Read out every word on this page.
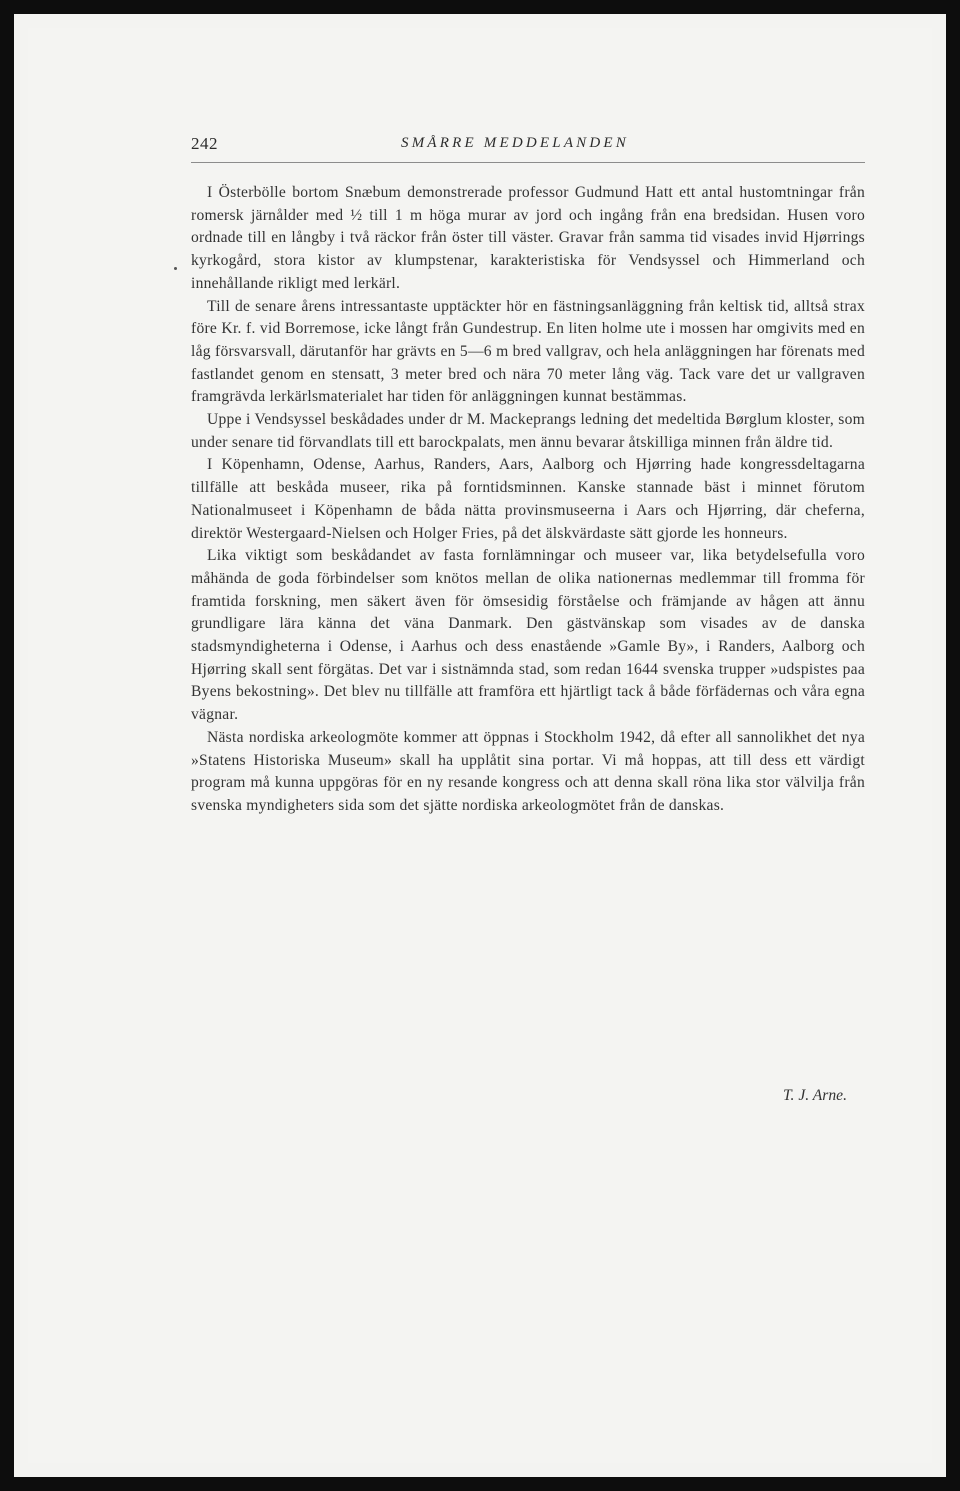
242	SMÅRRE MEDDELANDEN

I Österbölle bortom Snæbum demonstrerade professor Gudmund Hatt ett antal hustomtningar från romersk järnålder med ½ till 1 m höga murar av jord och ingång från ena bredsidan. Husen voro ordnade till en långby i två räckor från öster till väster. Gravar från samma tid visades invid Hjørrings kyrkogård, stora kistor av klumpstenar, karakteristiska för Vendsyssel och Himmerland och innehållande rikligt med lerkärl.

Till de senare årens intressantaste upptäckter hör en fästningsanläggning från keltisk tid, alltså strax före Kr. f. vid Borremose, icke långt från Gundestrup. En liten holme ute i mossen har omgivits med en låg försvarsvall, därutanför har grävts en 5—6 m bred vallgrav, och hela anläggningen har förenats med fastlandet genom en stensatt, 3 meter bred och nära 70 meter lång väg. Tack vare det ur vallgraven framgrävda lerkärlsmaterialet har tiden för anläggningen kunnat bestämmas.

Uppe i Vendsyssel beskådades under dr M. Mackeprangs ledning det medeltida Børglum kloster, som under senare tid förvandlats till ett barockpalats, men ännu bevarar åtskilliga minnen från äldre tid.

I Köpenhamn, Odense, Aarhus, Randers, Aars, Aalborg och Hjørring hade kongressdeltagarna tillfälle att beskåda museer, rika på forntidsminnen. Kanske stannade bäst i minnet förutom Nationalmuseet i Köpenhamn de båda nätta provinsmuseerna i Aars och Hjørring, där cheferna, direktör Westergaard-Nielsen och Holger Fries, på det älskvärdaste sätt gjorde les honneurs.

Lika viktigt som beskådandet av fasta fornlämningar och museer var, lika betydelsefulla voro måhända de goda förbindelser som knötos mellan de olika nationernas medlemmar till fromma för framtida forskning, men säkert även för ömsesidig förståelse och främjande av hågen att ännu grundligare lära känna det väna Danmark. Den gästvänskap som visades av de danska stadsmyndigheterna i Odense, i Aarhus och dess enastående »Gamle By», i Randers, Aalborg och Hjørring skall sent förgätas. Det var i sistnämnda stad, som redan 1644 svenska trupper »udspistes paa Byens bekostning». Det blev nu tillfälle att framföra ett hjärtligt tack å både förfädernas och våra egna vägnar.

Nästa nordiska arkeologmöte kommer att öppnas i Stockholm 1942, då efter all sannolikhet det nya »Statens Historiska Museum» skall ha upplåtit sina portar. Vi må hoppas, att till dess ett värdigt program må kunna uppgöras för en ny resande kongress och att denna skall röna lika stor välvilja från svenska myndigheters sida som det sjätte nordiska arkeologmötet från de danskas.

T. J. Arne.
